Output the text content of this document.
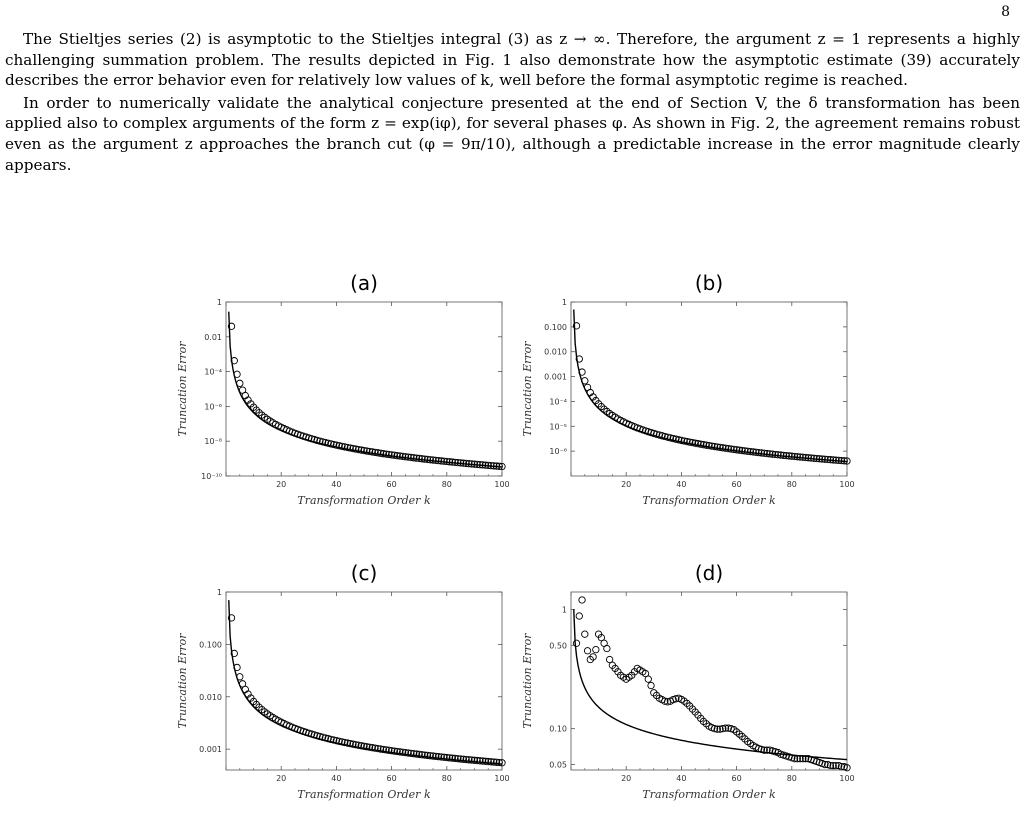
8

The Stieltjes series (2) is asymptotic to the Stieltjes integral (3) as z → ∞. Therefore, the argument z = 1 represents a highly challenging summation problem. The results depicted in Fig. 1 also demonstrate how the asymptotic estimate (39) accurately describes the error behavior even for relatively low values of k, well before the formal asymptotic regime is reached.

In order to numerically validate the analytical conjecture presented at the end of Section V, the δ transformation has been applied also to complex arguments of the form z = exp(iφ), for several phases φ. As shown in Fig. 2, the agreement remains robust even as the argument z approaches the branch cut (φ = 9π/10), although a predictable increase in the error magnitude clearly appears.

(a)
20	40	60	80	100
1
0.01
10⁻⁴
10⁻⁶
10⁻⁸
10⁻¹⁰
Transformation Order k
Truncation Error
(b)
20	40	60	80	100
1
0.100
0.010
0.001
10⁻⁴
10⁻⁵
10⁻⁶
Transformation Order k
Truncation Error
(c)
20	40	60	80	100
1
0.100
0.010
0.001
Transformation Order k
Truncation Error
(d)
20	40	60	80	100
1
0.50
0.10
0.05
Transformation Order k
Truncation Error
